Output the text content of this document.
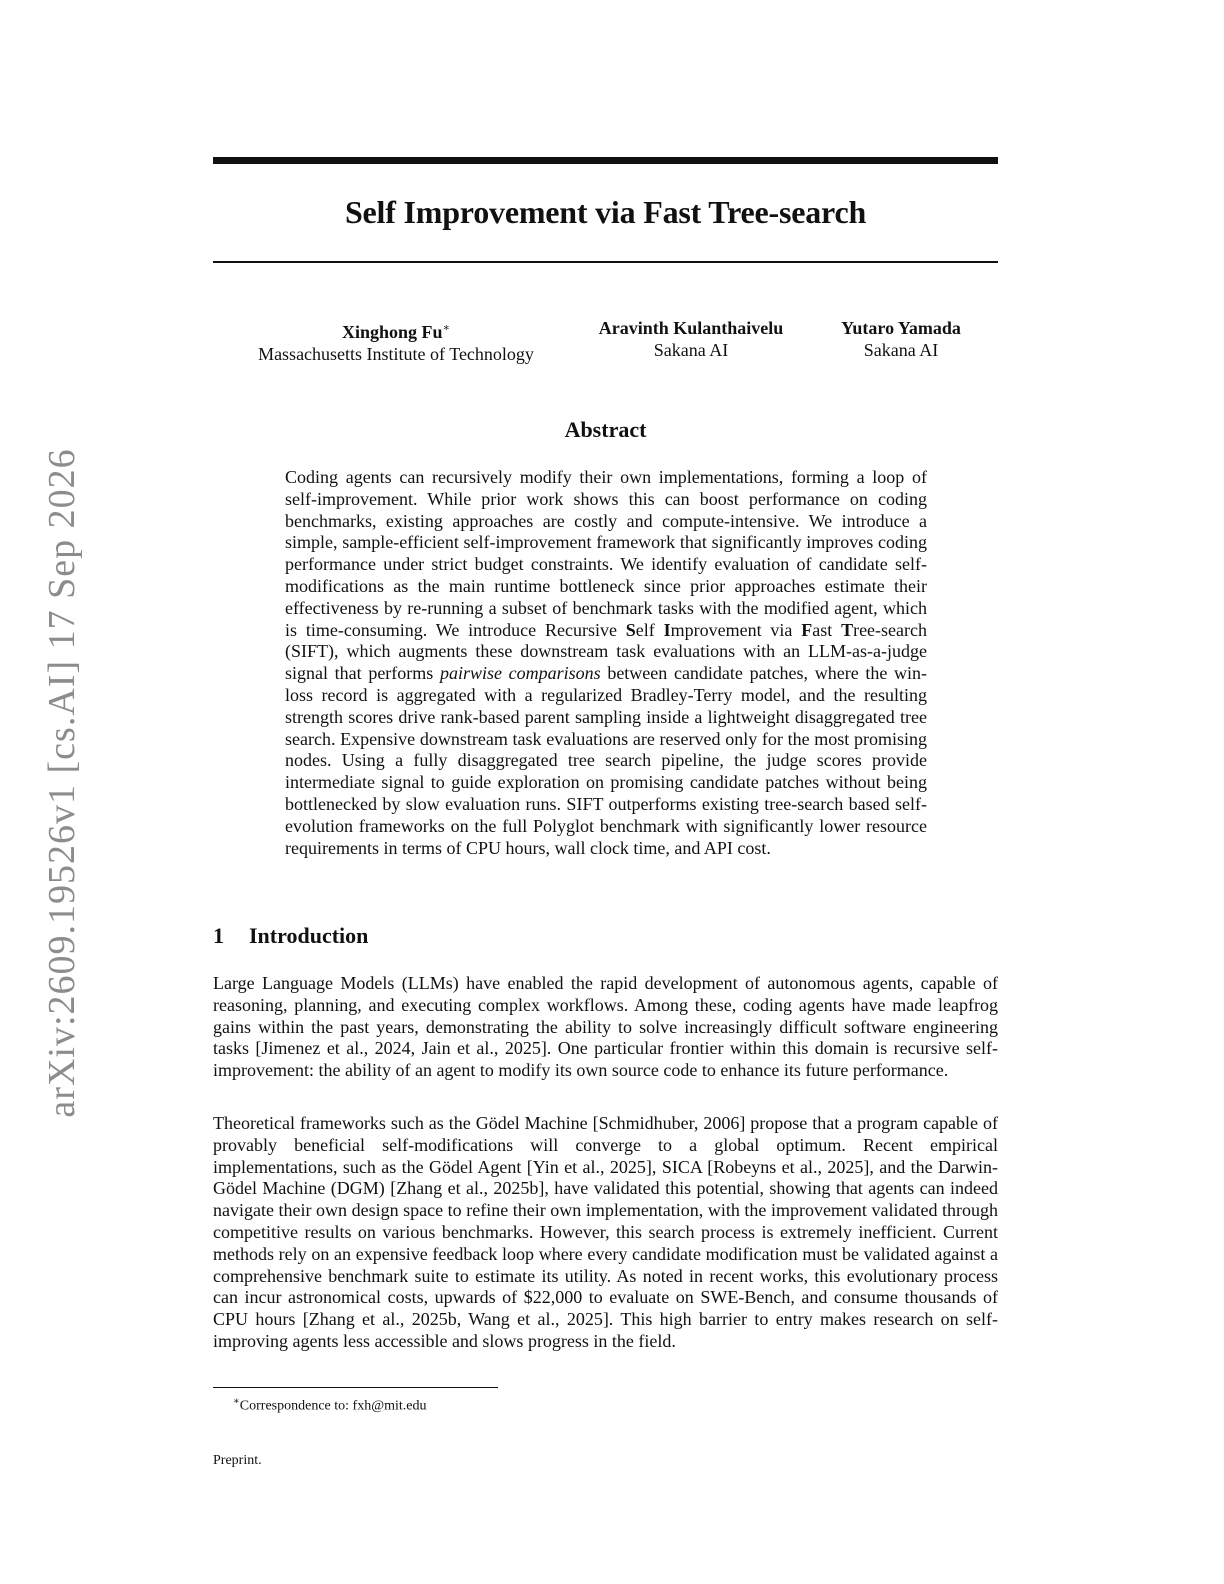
arXiv:2609.19526v1 [cs.AI] 17 Sep 2026
Self Improvement via Fast Tree-search
Xinghong Fu∗
Massachusetts Institute of Technology
Aravinth Kulanthaivelu
Sakana AI
Yutaro Yamada
Sakana AI
Abstract
Coding agents can recursively modify their own implementations, forming a loop of self-improvement. While prior work shows this can boost performance on coding benchmarks, existing approaches are costly and compute-intensive. We introduce a simple, sample-efficient self-improvement framework that significantly improves coding performance under strict budget constraints. We identify evaluation of candidate self-modifications as the main runtime bottleneck since prior approaches estimate their effectiveness by re-running a subset of benchmark tasks with the modified agent, which is time-consuming. We introduce Recursive Self Improvement via Fast Tree-search (SIFT), which augments these downstream task evaluations with an LLM-as-a-judge signal that performs pairwise comparisons between candidate patches, where the win-loss record is aggregated with a regularized Bradley-Terry model, and the resulting strength scores drive rank-based parent sampling inside a lightweight disaggregated tree search. Expensive downstream task evaluations are reserved only for the most promising nodes. Using a fully disaggregated tree search pipeline, the judge scores provide intermediate signal to guide exploration on promising candidate patches without being bottlenecked by slow evaluation runs. SIFT outperforms existing tree-search based self-evolution frameworks on the full Polyglot benchmark with significantly lower resource requirements in terms of CPU hours, wall clock time, and API cost.
1 Introduction

Large Language Models (LLMs) have enabled the rapid development of autonomous agents, capable of reasoning, planning, and executing complex workflows. Among these, coding agents have made leapfrog gains within the past years, demonstrating the ability to solve increasingly difficult software engineering tasks [Jimenez et al., 2024, Jain et al., 2025]. One particular frontier within this domain is recursive self-improvement: the ability of an agent to modify its own source code to enhance its future performance.

Theoretical frameworks such as the Gödel Machine [Schmidhuber, 2006] propose that a program capable of provably beneficial self-modifications will converge to a global optimum. Recent empirical implementations, such as the Gödel Agent [Yin et al., 2025], SICA [Robeyns et al., 2025], and the Darwin-Gödel Machine (DGM) [Zhang et al., 2025b], have validated this potential, showing that agents can indeed navigate their own design space to refine their own implementation, with the improvement validated through competitive results on various benchmarks. However, this search process is extremely inefficient. Current methods rely on an expensive feedback loop where every candidate modification must be validated against a comprehensive benchmark suite to estimate its utility. As noted in recent works, this evolutionary process can incur astronomical costs, upwards of $22,000 to evaluate on SWE-Bench, and consume thousands of CPU hours [Zhang et al., 2025b, Wang et al., 2025]. This high barrier to entry makes research on self-improving agents less accessible and slows progress in the field.

∗Correspondence to: fxh@mit.edu
Preprint.
